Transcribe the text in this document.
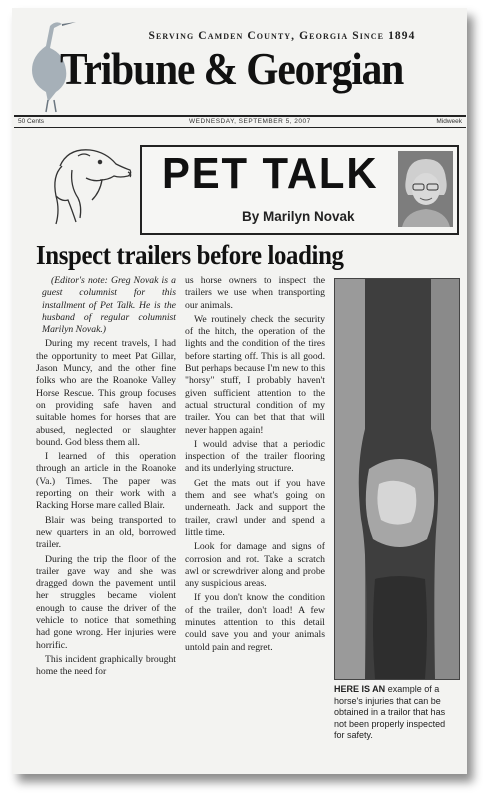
Serving Camden County, Georgia Since 1894
Tribune & Georgian
50 Cents	WEDNESDAY, SEPTEMBER 5, 2007	Midweek
PET TALK
By Marilyn Novak
Inspect trailers before loading

(Editor's note: Greg Novak is a guest columnist for this installment of Pet Talk. He is the husband of regular columnist Marilyn Novak.)

During my recent travels, I had the opportunity to meet Pat Gillar, Jason Muncy, and the other fine folks who are the Roanoke Valley Horse Rescue. This group focuses on providing safe haven and suitable homes for horses that are abused, neglected or slaughter bound. God bless them all.

I learned of this operation through an article in the Roanoke (Va.) Times. The paper was reporting on their work with a Racking Horse mare called Blair.

Blair was being transported to new quarters in an old, borrowed trailer.

During the trip the floor of the trailer gave way and she was dragged down the pavement until her struggles became violent enough to cause the driver of the vehicle to notice that something had gone wrong. Her injuries were horrific.

This incident graphically brought home the need for

us horse owners to inspect the trailers we use when transporting our animals.

We routinely check the security of the hitch, the operation of the lights and the condition of the tires before starting off. This is all good. But perhaps because I'm new to this "horsy" stuff, I probably haven't given sufficient attention to the actual structural condition of my trailer. You can bet that that will never happen again!

I would advise that a periodic inspection of the trailer flooring and its underlying structure.

Get the mats out if you have them and see what's going on underneath. Jack and support the trailer, crawl under and spend a little time.

Look for damage and signs of corrosion and rot. Take a scratch awl or screwdriver along and probe any suspicious areas.

If you don't know the condition of the trailer, don't load! A few minutes attention to this detail could save you and your animals untold pain and regret.

HERE IS AN example of a horse's injuries that can be obtained in a trailor that has not been properly inspected for safety.
